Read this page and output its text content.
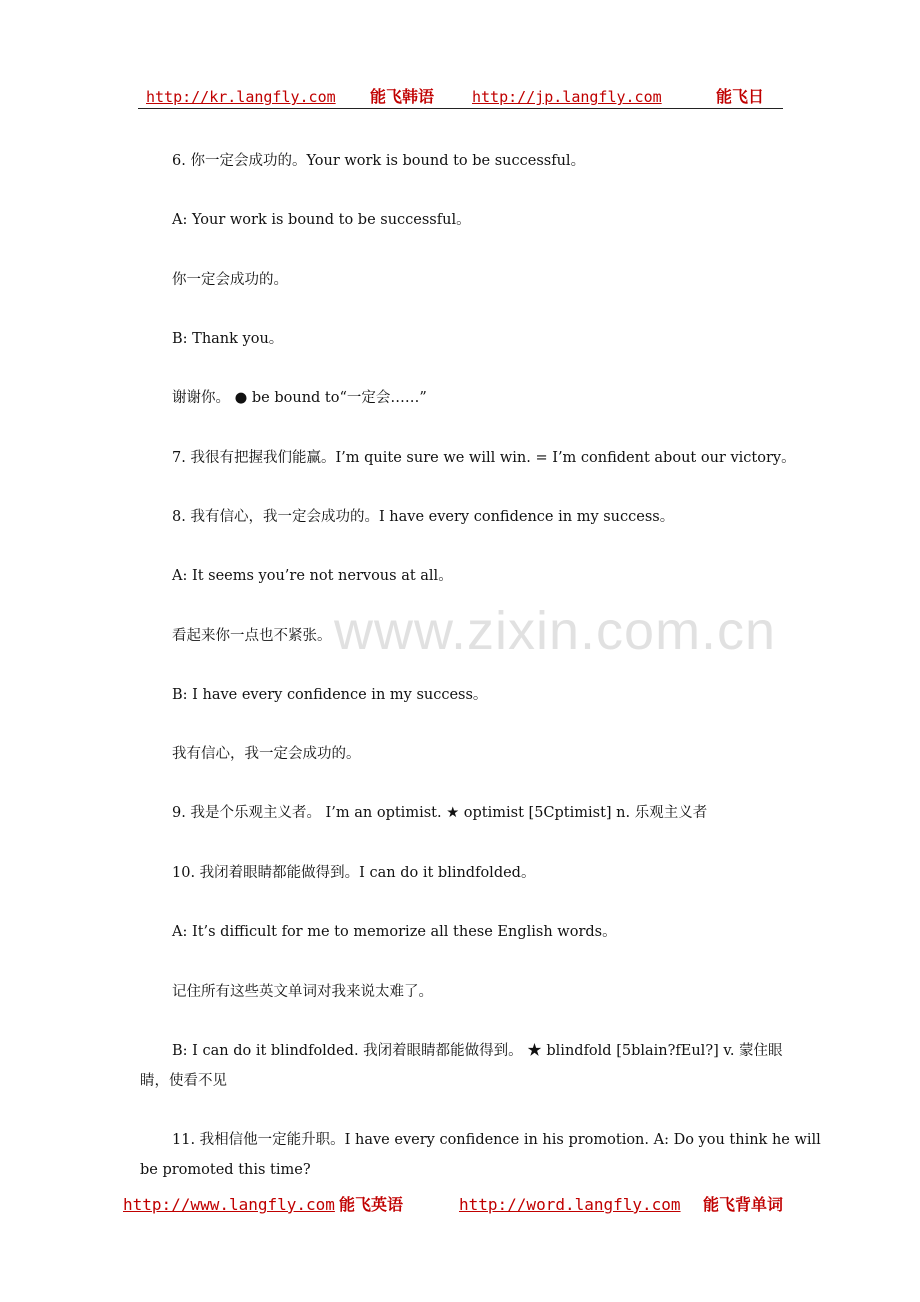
http://kr.langfly.com 能飞韩语	http://jp.langfly.com	能飞日
www.zixin.com.cn
6. 你一定会成功的。Your work is bound to be successful。
A: Your work is bound to be successful。
你一定会成功的。
B: Thank you。
谢谢你。 ● be bound to“一定会……”
7. 我很有把握我们能赢。I’m quite sure we will win. = I’m confident about our victory。
8. 我有信心，我一定会成功的。I have every confidence in my success。
A: It seems you’re not nervous at all。
看起来你一点也不紧张。
B: I have every confidence in my success。
我有信心，我一定会成功的。
9. 我是个乐观主义者。 I’m an optimist. ★ optimist [5Cptimist] n. 乐观主义者
10. 我闭着眼睛都能做得到。I can do it blindfolded。
A: It’s difficult for me to memorize all these English words。
记住所有这些英文单词对我来说太难了。
B: I can do it blindfolded. 我闭着眼睛都能做得到。 ★ blindfold [5blain?fEul?] v. 蒙住眼
睛，使看不见
11. 我相信他一定能升职。I have every confidence in his promotion. A: Do you think he will
be promoted this time?
http://www.langfly.com 能飞英语	http://word.langfly.com 能飞背单词
